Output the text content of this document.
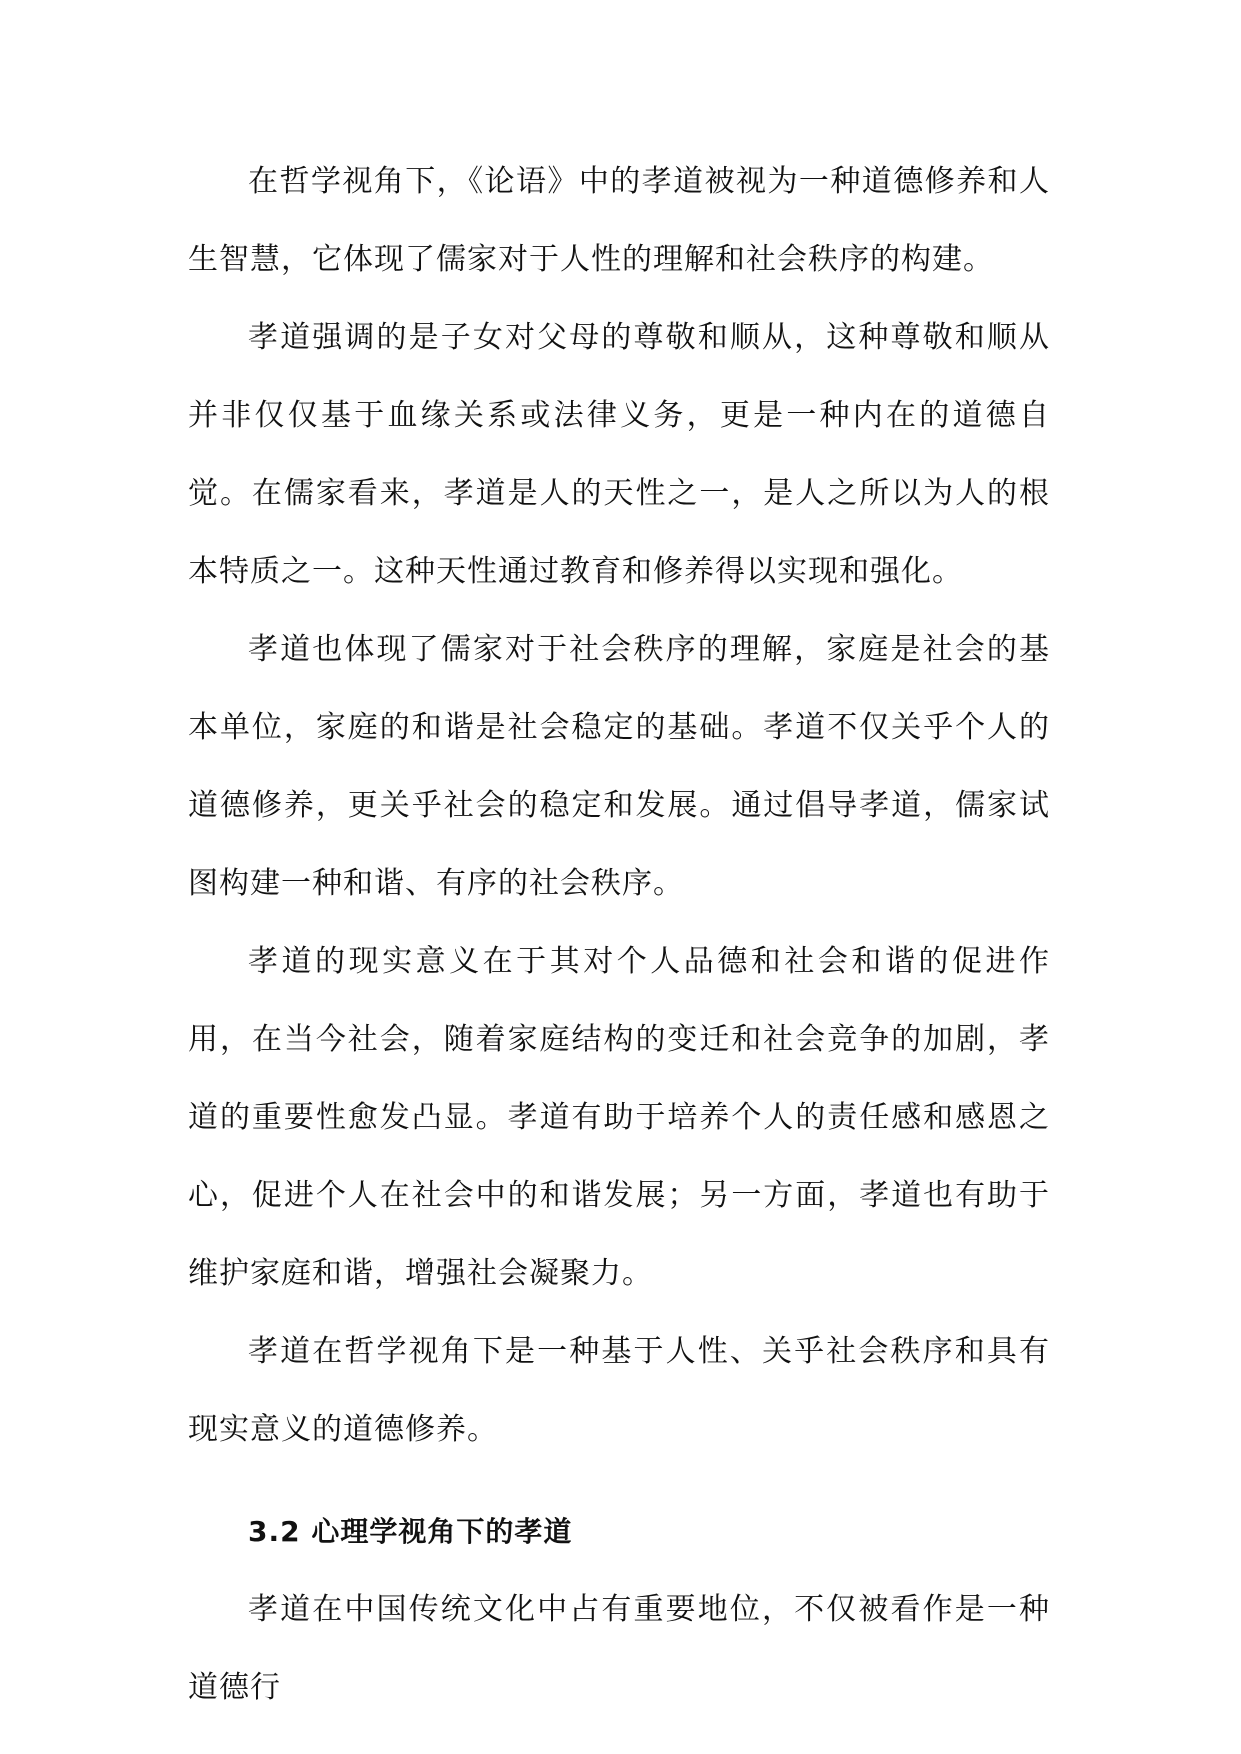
在哲学视角下，《论语》中的孝道被视为一种道德修养和人生智慧，它体现了儒家对于人性的理解和社会秩序的构建。

孝道强调的是子女对父母的尊敬和顺从，这种尊敬和顺从并非仅仅基于血缘关系或法律义务，更是一种内在的道德自觉。在儒家看来，孝道是人的天性之一，是人之所以为人的根本特质之一。这种天性通过教育和修养得以实现和强化。

孝道也体现了儒家对于社会秩序的理解，家庭是社会的基本单位，家庭的和谐是社会稳定的基础。孝道不仅关乎个人的道德修养，更关乎社会的稳定和发展。通过倡导孝道，儒家试图构建一种和谐、有序的社会秩序。

孝道的现实意义在于其对个人品德和社会和谐的促进作用，在当今社会，随着家庭结构的变迁和社会竞争的加剧，孝道的重要性愈发凸显。孝道有助于培养个人的责任感和感恩之心，促进个人在社会中的和谐发展；另一方面，孝道也有助于维护家庭和谐，增强社会凝聚力。

孝道在哲学视角下是一种基于人性、关乎社会秩序和具有现实意义的道德修养。

3.2 心理学视角下的孝道

孝道在中国传统文化中占有重要地位，不仅被看作是一种道德行
